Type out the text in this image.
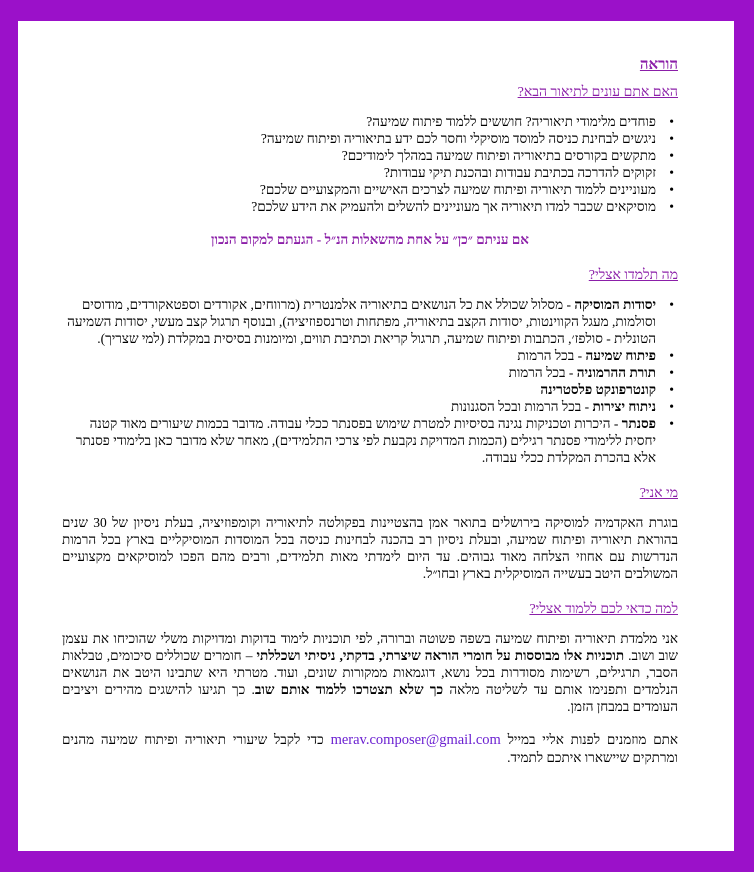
הוראה
האם אתם עונים לתיאור הבא?
• פוחדים מלימודי תיאוריה? חוששים ללמוד פיתוח שמיעה?
• ניגשים לבחינת כניסה למוסד מוסיקלי וחסר לכם ידע בתיאוריה ופיתוח שמיעה?
• מתקשים בקורסים בתיאוריה ופיתוח שמיעה במהלך לימודיכם?
• זקוקים להדרכה בכתיבת עבודות ובהכנת תיקי עבודות?
• מעוניינים ללמוד תיאוריה ופיתוח שמיעה לצרכים האישיים והמקצועיים שלכם?
• מוסיקאים שכבר למדו תיאוריה אך מעוניינים להשלים ולהעמיק את הידע שלכם?
אם עניתם ״כן״ על אחת מהשאלות הנ״ל - הגעתם למקום הנכון
מה תלמדו אצלי?
• יסודות המוסיקה - מסלול שכולל את כל הנושאים בתיאוריה אלמנטרית (מרווחים, אקורדים וספטאקורדים, מודוסים וסולמות, מעגל הקווינטות, יסודות הקצב בתיאוריה, מפתחות וטרנספוזיציה), ובנוסף תרגול קצב מעשי, יסודות השמיעה הטונלית - סולפז׳, הכתבות ופיתוח שמיעה, תרגול קריאת וכתיבת תווים, ומיומנות בסיסית במקלדת (למי שצריך).
• פיתוח שמיעה - בכל הרמות
• תורת ההרמוניה - בכל הרמות
• קונטרפונקט פלסטרינה
• ניתוח יצירות - בכל הרמות ובכל הסגנונות
• פסנתר - היכרות וטכניקות נגינה בסיסיות למטרת שימוש בפסנתר ככלי עבודה. מדובר בכמות שיעורים מאוד קטנה יחסית ללימודי פסנתר רגילים (הכמות המדויקת נקבעת לפי צרכי התלמידים), מאחר שלא מדובר כאן בלימודי פסנתר אלא בהכרת המקלדת ככלי עבודה.
מי אני?

בוגרת האקדמיה למוסיקה בירושלים בתואר אמן בהצטיינות בפקולטה לתיאוריה וקומפוזיציה, בעלת ניסיון של 30 שנים בהוראת תיאוריה ופיתוח שמיעה, ובעלת ניסיון רב בהכנה לבחינות כניסה בכל המוסדות המוסיקליים בארץ בכל הרמות הנדרשות עם אחוזי הצלחה מאוד גבוהים. עד היום לימדתי מאות תלמידים, ורבים מהם הפכו למוסיקאים מקצועיים המשולבים היטב בעשייה המוסיקלית בארץ ובחו״ל.

למה כדאי לכם ללמוד אצלי?

אני מלמדת תיאוריה ופיתוח שמיעה בשפה פשוטה וברורה, לפי תוכניות לימוד בדוקות ומדויקות משלי שהוכיחו את עצמן שוב ושוב. תוכניות אלו מבוססות על חומרי הוראה שיצרתי, בדקתי, ניסיתי ושכללתי – חומרים שכוללים סיכומים, טבלאות הסבר, תרגילים, רשימות מסודרות בכל נושא, דוגמאות ממקורות שונים, ועוד. מטרתי היא שתבינו היטב את הנושאים הנלמדים ותפנימו אותם עד לשליטה מלאה כך שלא תצטרכו ללמוד אותם שוב. כך תגיעו להישגים מהירים ויציבים העומדים במבחן הזמן.

אתם מוזמנים לפנות אליי במייל merav.composer@gmail.com כדי לקבל שיעורי תיאוריה ופיתוח שמיעה מהנים ומרתקים שיישארו איתכם לתמיד.
